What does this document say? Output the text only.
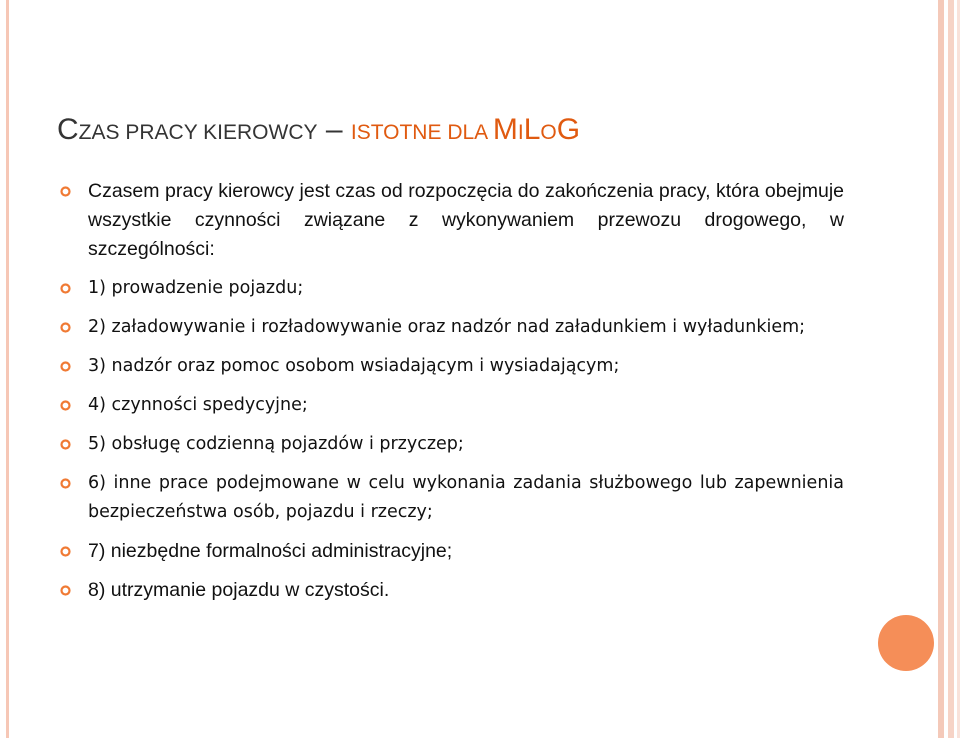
CZAS PRACY KIEROWCY – ISTOTNE DLA MILOG
Czasem pracy kierowcy jest czas od rozpoczęcia do zakończenia pracy, która obejmuje wszystkie czynności związane z wykonywaniem przewozu drogowego, w szczególności:
1) prowadzenie pojazdu;
2) załadowywanie i rozładowywanie oraz nadzór nad załadunkiem i wyładunkiem;
3) nadzór oraz pomoc osobom wsiadającym i wysiadającym;
4) czynności spedycyjne;
5) obsługę codzienną pojazdów i przyczep;
6) inne prace podejmowane w celu wykonania zadania służbowego lub zapewnienia bezpieczeństwa osób, pojazdu i rzeczy;
7) niezbędne formalności administracyjne;
8) utrzymanie pojazdu w czystości.
